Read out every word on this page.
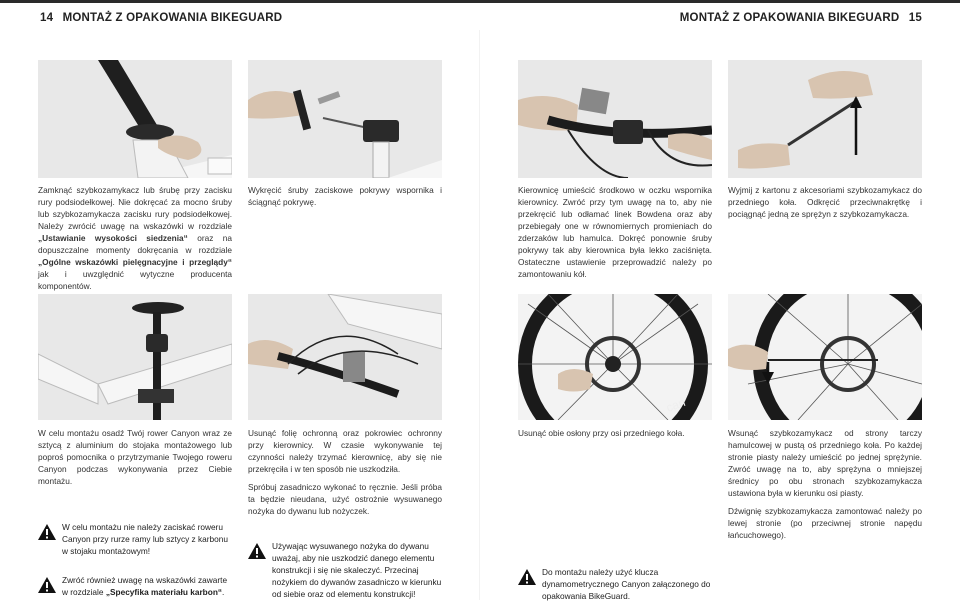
14 MONTAŻ Z OPAKOWANIA BIKEGUARD	MONTAŻ Z OPAKOWANIA BIKEGUARD 15
Zamknąć szybkozamykacz lub śrubę przy zacisku rury podsiodełkowej. Nie dokręcać za mocno śruby lub szybkozamykacza zacisku rury podsiodełkowej. Należy zwrócić uwagę na wskazówki w rozdziale „Ustawianie wysokości siedzenia“ oraz na dopuszczalne momenty dokręcania w rozdziale „Ogólne wskazówki pielęgnacyjne i przeglądy“ jak i uwzględnić wytyczne producenta komponentów.
Wykręcić śruby zaciskowe pokrywy wspornika i ściągnąć pokrywę.
Kierownicę umieścić środkowo w oczku wspornika kierownicy. Zwróć przy tym uwagę na to, aby nie przekręcić lub odłamać linek Bowdena oraz aby przebiegały one w równomiernych promieniach do zderzaków lub hamulca. Dokręć ponownie śruby pokrywy tak aby kierownica była lekko zaciśnięta. Ostateczne ustawienie przeprowadzić należy po zamontowaniu kół.
Wyjmij z kartonu z akcesoriami szybkozamykacz do przedniego koła. Odkręcić przeciwnakrętkę i pociągnąć jedną ze sprężyn z szybkozamykacza.
can
W celu montażu osadź Twój rower Canyon wraz ze sztycą z aluminium do stojaka montażowego lub poproś pomocnika o przytrzymanie Twojego roweru Canyon podczas wykonywania przez Ciebie montażu.
W celu montażu nie należy zaciskać roweru Canyon przy rurze ramy lub sztycy z karbonu w stojaku montażowym!
Zwróć również uwagę na wskazówki zawarte w rozdziale „Specyfika materiału karbon“.

Usunąć folię ochronną oraz pokrowiec ochronny przy kierownicy. W czasie wykonywanie tej czynności należy trzymać kierownicę, aby się nie przekręciła i w ten sposób nie uszkodziła.

Spróbuj zasadniczo wykonać to ręcznie. Jeśli próba ta będzie nieudana, użyć ostrożnie wysuwanego nożyka do dywanu lub nożyczek.

Używając wysuwanego nożyka do dywanu uważaj, aby nie uszkodzić danego elementu konstrukcji i się nie skaleczyć. Przecinaj nożykiem do dywanów zasadniczo w kierunku od siebie oraz od elementu konstrukcji!
Usunąć obie osłony przy osi przedniego koła.
Do montażu należy użyć klucza dynamometrycznego Canyon załączonego do opakowania BikeGuard.

Wsunąć szybkozamykacz od strony tarczy hamulcowej w pustą oś przedniego koła. Po każdej stronie piasty należy umieścić po jednej sprężynie. Zwróć uwagę na to, aby sprężyna o mniejszej średnicy po obu stronach szybkozamykacza ustawiona była w kierunku osi piasty.

Dźwignię szybkozamykacza zamontować należy po lewej stronie (po przeciwnej stronie napędu łańcuchowego).
